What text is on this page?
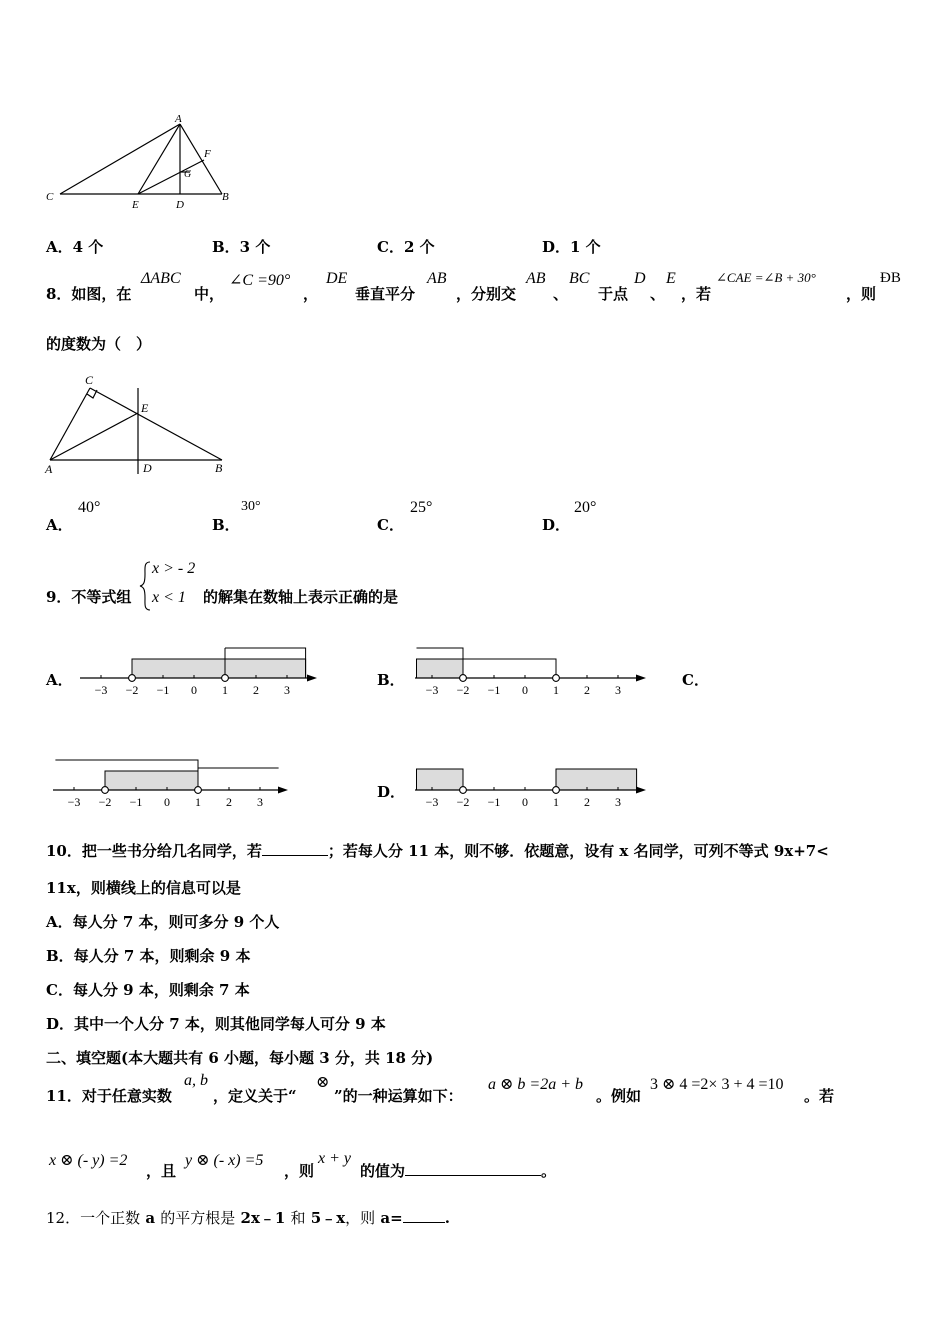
A
F
G
C
E	D
B
A．4 个	B．3 个	C．2 个	D．1 个
8．如图，在
ΔABC
中，
∠C =90°
，
DE
垂直平分
AB
，分别交
AB
、
BC
于点
D
、
E
，若
∠CAE =∠B + 30°
，则
ÐB
的度数为（　）
C
E
A	D	B
A．
40°
B．
30°
C．
25°
D．
20°
9．不等式组
x > - 2
x < 1 的解集在数轴上表示正确的是
A．
−3 −2 −1 0 1 2 3
B．
−3 −2 −1 0 1 2 3
C．
−3 −2 −1 0 1 2 3
D．
−3 −2 −1 0 1 2 3
10．把一些书分给几名同学，若	；若每人分 11 本，则不够．依题意，设有 x 名同学，可列不等式 9x+7<
11x，则横线上的信息可以是
A．每人分 7 本，则可多分 9 个人
B．每人分 7 本，则剩余 9 本
C．每人分 9 本，则剩余 7 本
D．其中一个人分 7 本，则其他同学每人可分 9 本
二、填空题(本大题共有 6 小题，每小题 3 分，共 18 分)
11．对于任意实数
a, b
，定义关于“
⊗
”的一种运算如下：
a ⊗ b =2a + b
。例如
3 ⊗ 4 =2× 3 + 4 =10
。若
x ⊗ (- y) =2
，且
y ⊗ (- x) =5
，则
x + y
的值为	。
12．一个正数 a 的平方根是 2x﹣1 和 5﹣x，则 a=	.
